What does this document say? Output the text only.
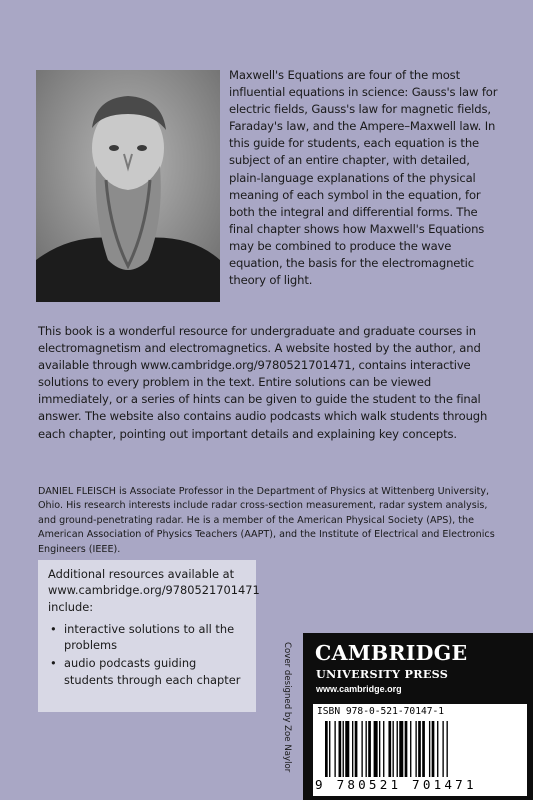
Maxwell's Equations are four of the most influential equations in science: Gauss's law for electric fields, Gauss's law for magnetic fields, Faraday's law, and the Ampere–Maxwell law. In this guide for students, each equation is the subject of an entire chapter, with detailed, plain-language explanations of the physical meaning of each symbol in the equation, for both the integral and differential forms. The final chapter shows how Maxwell's Equations may be combined to produce the wave equation, the basis for the electromagnetic theory of light.

This book is a wonderful resource for undergraduate and graduate courses in electromagnetism and electromagnetics. A website hosted by the author, and available through www.cambridge.org/9780521701471, contains interactive solutions to every problem in the text. Entire solutions can be viewed immediately, or a series of hints can be given to guide the student to the final answer. The website also contains audio podcasts which walk students through each chapter, pointing out important details and explaining key concepts.

DANIEL FLEISCH is Associate Professor in the Department of Physics at Wittenberg University, Ohio. His research interests include radar cross-section measurement, radar system analysis, and ground-penetrating radar. He is a member of the American Physical Society (APS), the American Association of Physics Teachers (AAPT), and the Institute of Electrical and Electronics Engineers (IEEE).

Additional resources available at www.cambridge.org/9780521701471 include:

• interactive solutions to all the problems
• audio podcasts guiding students through each chapter	Cover designed by Zoe Naylor CAMBRIDGE

UNIVERSITY PRESS

www.cambridge.org

ISBN 978-0-521-70147-1

9 780521 701471
